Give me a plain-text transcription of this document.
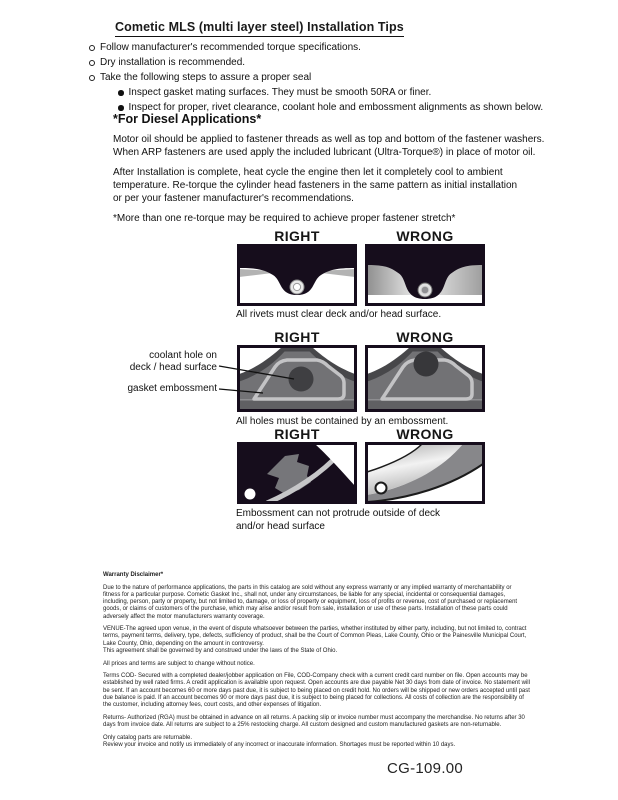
Cometic MLS (multi layer steel) Installation Tips
Follow manufacturer's recommended torque specifications.
Dry installation is recommended.
Take the following steps to assure a proper seal
Inspect gasket mating surfaces. They must be smooth 50RA or finer.
Inspect for proper, rivet clearance, coolant hole and embossment alignments as shown below.
*For Diesel Applications*
Motor oil should be applied to fastener threads as well as top and bottom of the fastener washers.
When ARP fasteners are used apply the included lubricant (Ultra-Torque®) in place of motor oil.
After Installation is complete, heat cycle the engine then let it completely cool to ambient
temperature. Re-torque the cylinder head fasteners in the same pattern as initial installation
or per your fastener manufacturer's recommendations.
*More than one re-torque may be required to achieve proper fastener stretch*
RIGHT	WRONG
All rivets must clear deck and/or head surface.
RIGHT	WRONG
coolant hole on
deck / head surface
gasket embossment
All holes must be contained by an embossment.
RIGHT	WRONG
Embossment can not protrude outside of deck
and/or head surface
Warranty Disclaimer*
Due to the nature of performance applications, the parts in this catalog are sold without any express warranty or any implied warranty of merchantability or fitness for a particular purpose. Cometic Gasket Inc., shall not, under any circumstances, be liable for any special, incidental or consequential damages, including, person, party or property, but not limited to, damage, or loss of property or equipment, loss of profits or revenue, cost of purchased or replacement goods, or claims of customers of the purchase, which may arise and/or result from sale, installation or use of these parts. Installation of these parts could adversely affect the motor manufacturers warranty coverage.
VENUE-The agreed upon venue, in the event of dispute whatsoever between the parties, whether instituted by either party, including, but not limited to, contract terms, payment terms, delivery, type, defects, sufficiency of product, shall be the Court of Common Pleas, Lake County, Ohio or the Painesville Municipal Court, Lake County, Ohio, depending on the amount in controversy.
This agreement shall be governed by and construed under the laws of the State of Ohio.
All prices and terms are subject to change without notice.
Terms COD- Secured with a completed dealer/jobber application on File, COD-Company check with a current credit card number on file. Open accounts may be established by well rated firms. A credit application is available upon request. Open accounts are due payable Net 30 days from date of invoice. No statement will be sent. If an account becomes 60 or more days past due, it is subject to being placed on credit hold. No orders will be shipped or new orders accepted until past due balance is paid. If an account becomes 90 or more days past due, it is subject to being placed for collections. All costs of collection are the responsibility of the customer, including attorney fees, court costs, and other expenses of litigation.
Returns- Authorized (RGA) must be obtained in advance on all returns. A packing slip or invoice number must accompany the merchandise. No returns after 30 days from invoice date. All returns are subject to a 25% restocking charge. All custom designed and custom manufactured gaskets are non-returnable.
Only catalog parts are returnable.
Review your invoice and notify us immediately of any incorrect or inaccurate information. Shortages must be reported within 10 days.
CG-109.00
